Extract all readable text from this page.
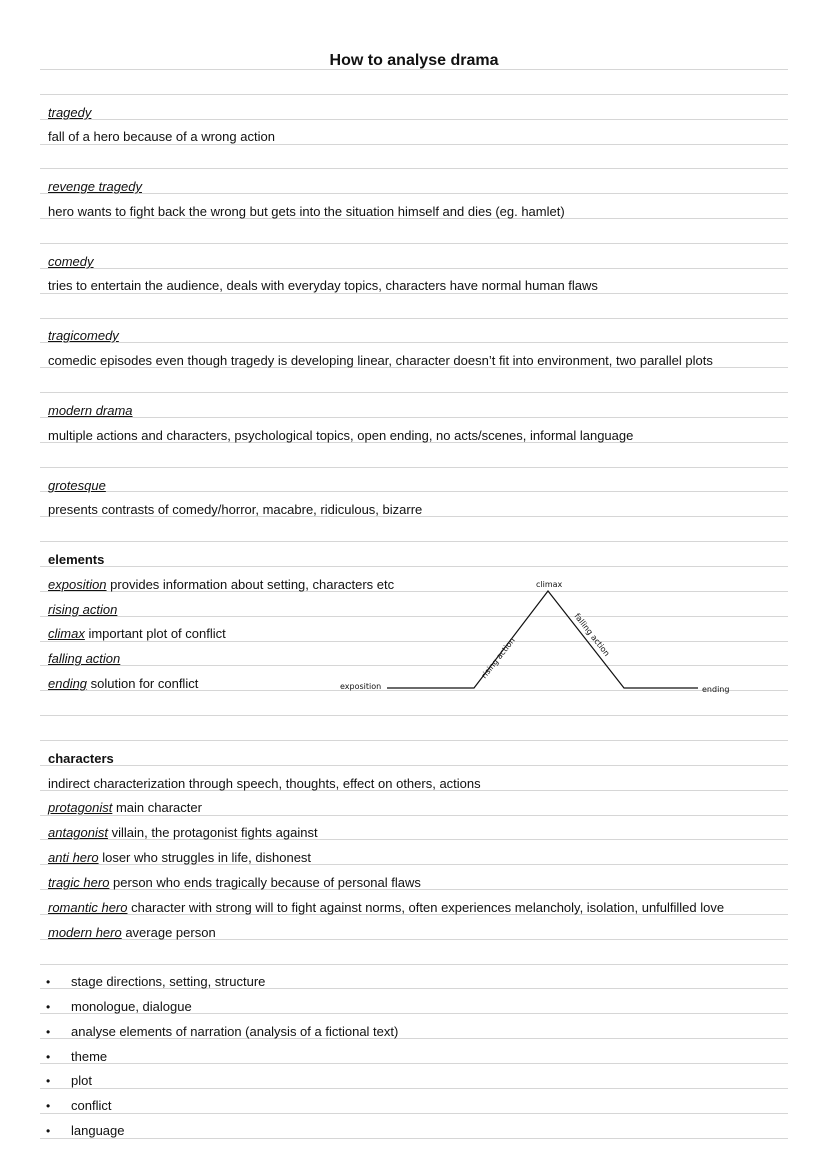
How to analyse drama
tragedy
fall of a hero because of a wrong action
revenge tragedy
hero wants to fight back the wrong but gets into the situation himself and dies (eg. hamlet)
comedy
tries to entertain the audience, deals with everyday topics, characters have normal human flaws
tragicomedy
comedic episodes even though tragedy is developing linear, character doesn’t fit into environment, two parallel plots
modern drama
multiple actions and characters, psychological topics, open ending, no acts/scenes, informal language
grotesque
presents contrasts of comedy/horror, macabre, ridiculous, bizarre
elements
exposition provides information about setting, characters etc
rising action
climax important plot of conflict
falling action
ending solution for conflict	exposition
climax
rising action
falling action
ending
characters
indirect characterization through speech, thoughts, effect on others, actions
protagonist main character
antagonist villain, the protagonist fights against
anti hero loser who struggles in life, dishonest
tragic hero person who ends tragically because of personal flaws
romantic hero character with strong will to fight against norms, often experiences melancholy, isolation, unfulfilled love
modern hero average person
• stage directions, setting, structure
• monologue, dialogue
• analyse elements of narration (analysis of a fictional text)
• theme
• plot
• conflict
• language
